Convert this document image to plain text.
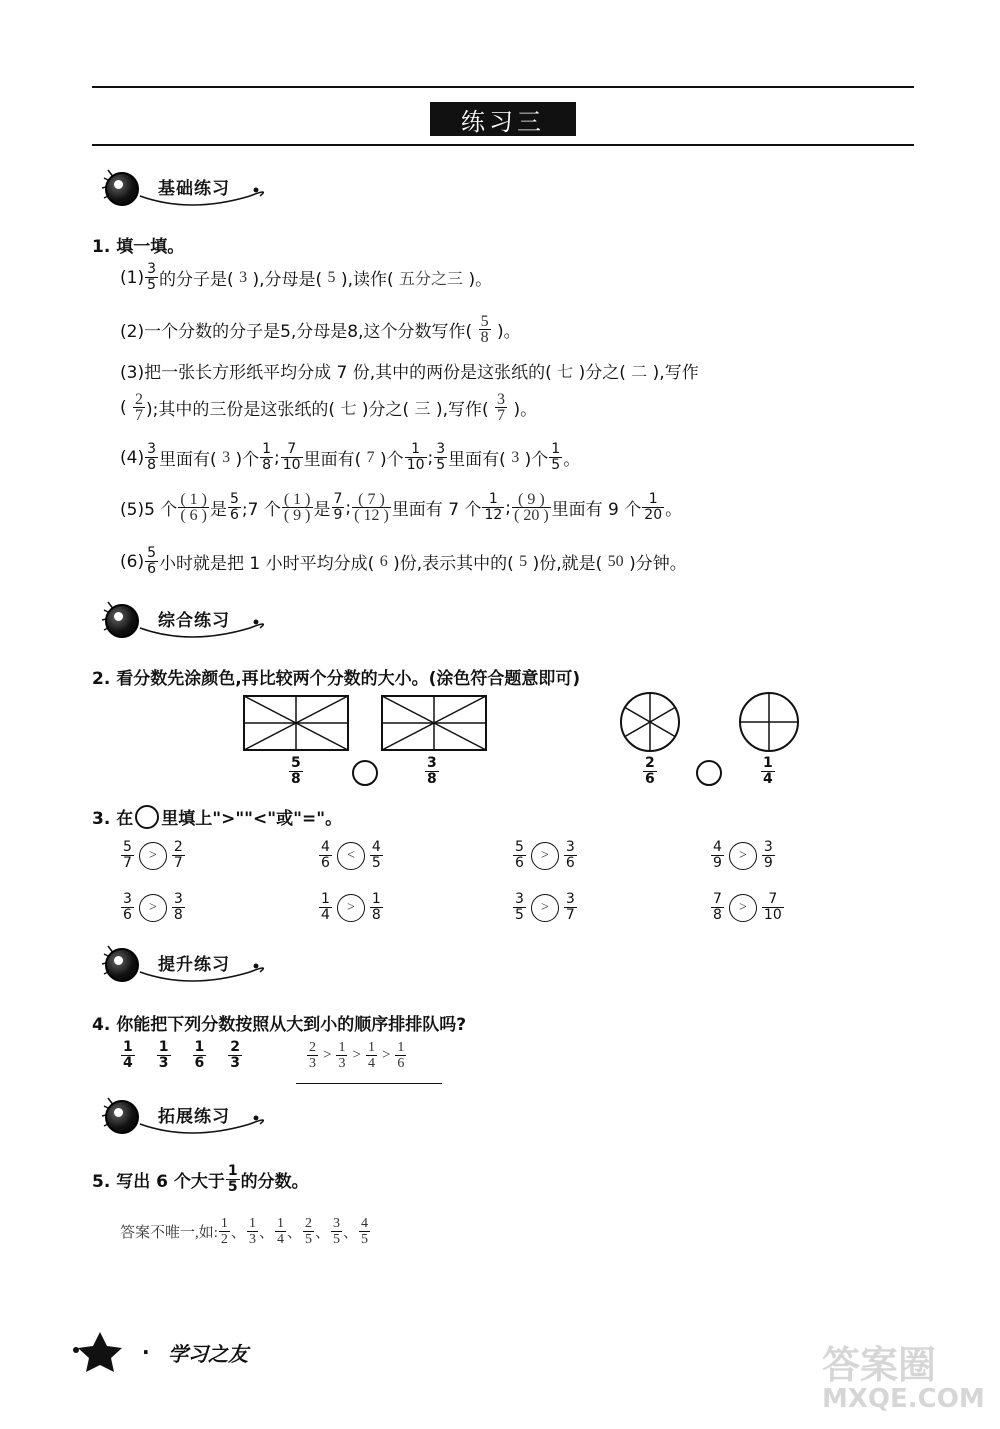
练习三
基础练习
1. 填一填。
$(1) \frac{3}{5}$ 的分子是(
3
),分母是(
5
),读作(
五分之三
)。
(2)一个分数的分子是5,分母是8,这个分数写作(
$\frac{5}{8}$
)。
(3)把一张长方形纸平均分成 7 份,其中的两份是这张纸的(
七
)分之(
二
),写作
(
$\frac{2}{7}$ );其中的三份是这张纸的(
七
)分之(
三
),写作(
$\frac{3}{7}$
)。
$(4) \frac{3}{8}$ 里面有(
3
)个 $\frac{1}{8}$ ; $\frac{7}{10}$ 里面有(
7
)个 $\frac{1}{10}$ ; $\frac{3}{5}$ 里面有(
3
)个 $\frac{1}{5}$ 。
(5)5 个 $\frac{( 1 )}{( 6 )}$ 是 $\frac{5}{6}$ ;7 个 $\frac{( 1 )}{( 9 )}$ 是 $\frac{7}{9}$ ; $\frac{( 7 )}{( 12 )}$ 里面有 7 个 $\frac{1}{12}$ ; $\frac{( 9 )}{( 20 )}$ 里面有 9 个 $\frac{1}{20}$ 。
$(6) \frac{5}{6}$ 小时就是把 1 小时平均分成(
6
)份,表示其中的(
5
)份,就是(
50
)分钟。
综合练习
2. 看分数先涂颜色,再比较两个分数的大小。(涂色符合题意即可)
$\frac{5}{8}$	$\frac{3}{8}$	$\frac{2}{6}$	$\frac{1}{4}$
3. 在 里填上">""<"或"="。
$\frac{5}{7}$	>	$\frac{2}{7}$	$\frac{4}{6}$	<	$\frac{4}{5}$	$\frac{5}{6}$	>	$\frac{3}{6}$	$\frac{4}{9}$	>	$\frac{3}{9}$
$\frac{3}{6}$	>	$\frac{3}{8}$	$\frac{1}{4}$	>	$\frac{1}{8}$	$\frac{3}{5}$	>	$\frac{3}{7}$	$\frac{7}{8}$	>	$\frac{7}{10}$
提升练习
4. 你能把下列分数按照从大到小的顺序排排队吗?
$\frac{1}{4} \frac{1}{3} \frac{1}{6} \frac{2}{3}$	$\frac{2}{3} > \frac{1}{3} > \frac{1}{4} > \frac{1}{6}$
拓展练习
5. 写出 6 个大于 $\frac{1}{5}$ 的分数。
答案不唯一,如: $\frac{1}{2}$ 、 $\frac{1}{3}$ 、 $\frac{1}{4}$ 、 $\frac{2}{5}$ 、 $\frac{3}{5}$ 、 $\frac{4}{5}$
· 学习之友	答案圈
MXQE.COM
